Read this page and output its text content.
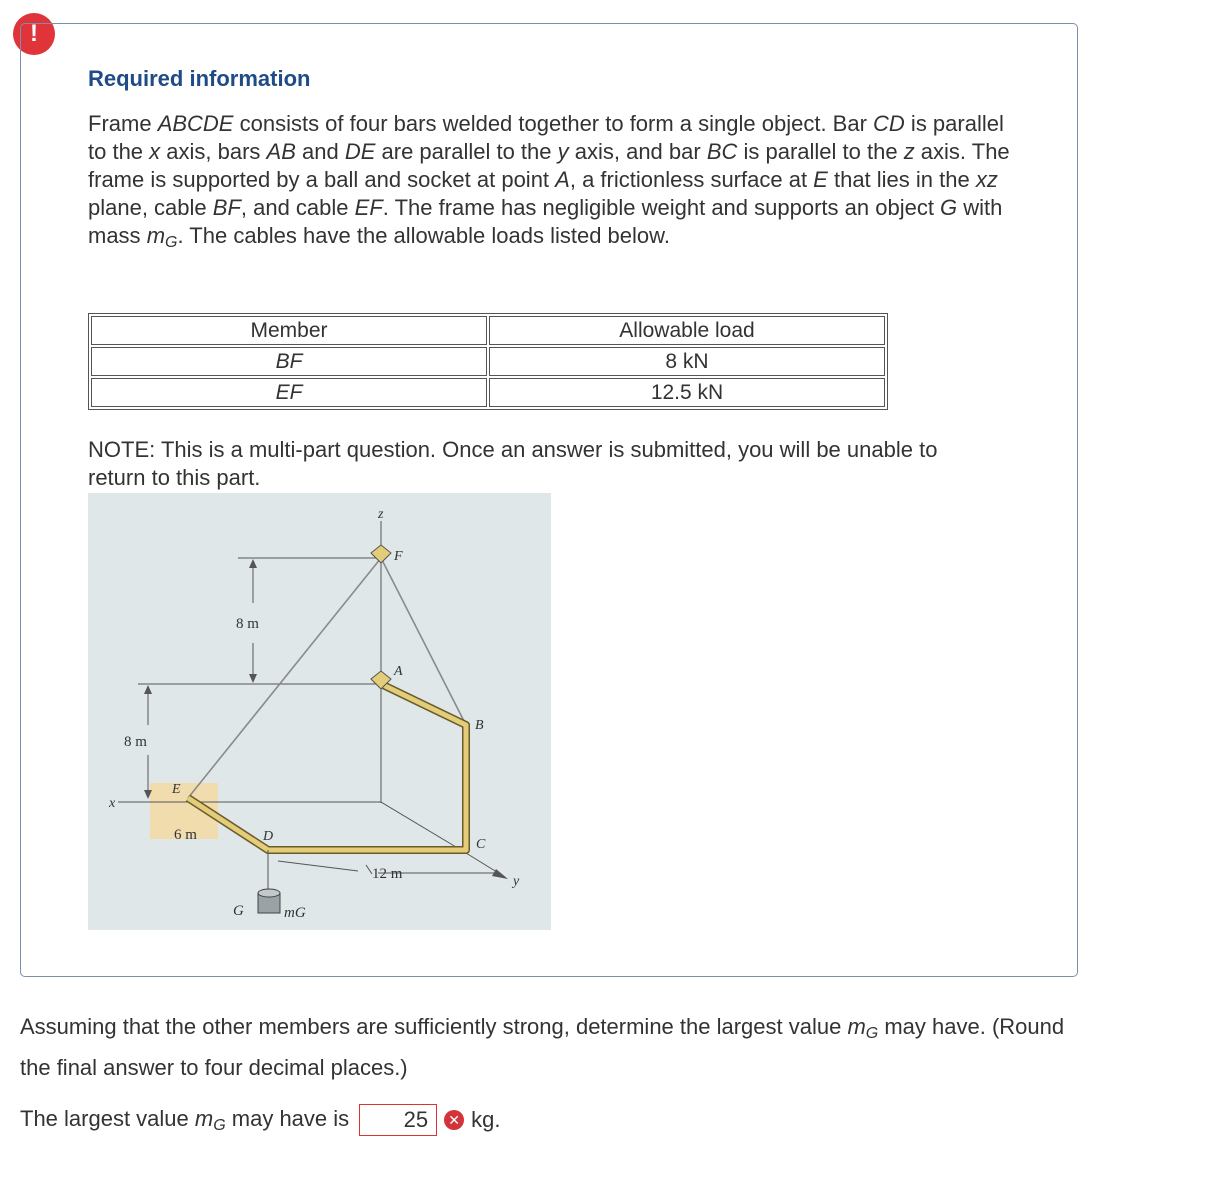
!
Required information

Frame ABCDE consists of four bars welded together to form a single object. Bar CD is parallel to the x axis, bars AB and DE are parallel to the y axis, and bar BC is parallel to the z axis. The frame is supported by a ball and socket at point A, a frictionless surface at E that lies in the xz plane, cable BF, and cable EF. The frame has negligible weight and supports an object G with mass $m_G$. The cables have the allowable loads listed below.

Member	Allowable load
BF	8 kN
EF	12.5 kN

NOTE: This is a multi-part question. Once an answer is submitted, you will be unable to return to this part.

z
F
A
B
C
D
E
x
y
G	mG
8 m
8 m
6 m
12 m

Assuming that the other members are sufficiently strong, determine the largest value $m_G$ may have. (Round the final answer to four decimal places.)

The largest value $m_G$ may have is
25	✕ kg.
